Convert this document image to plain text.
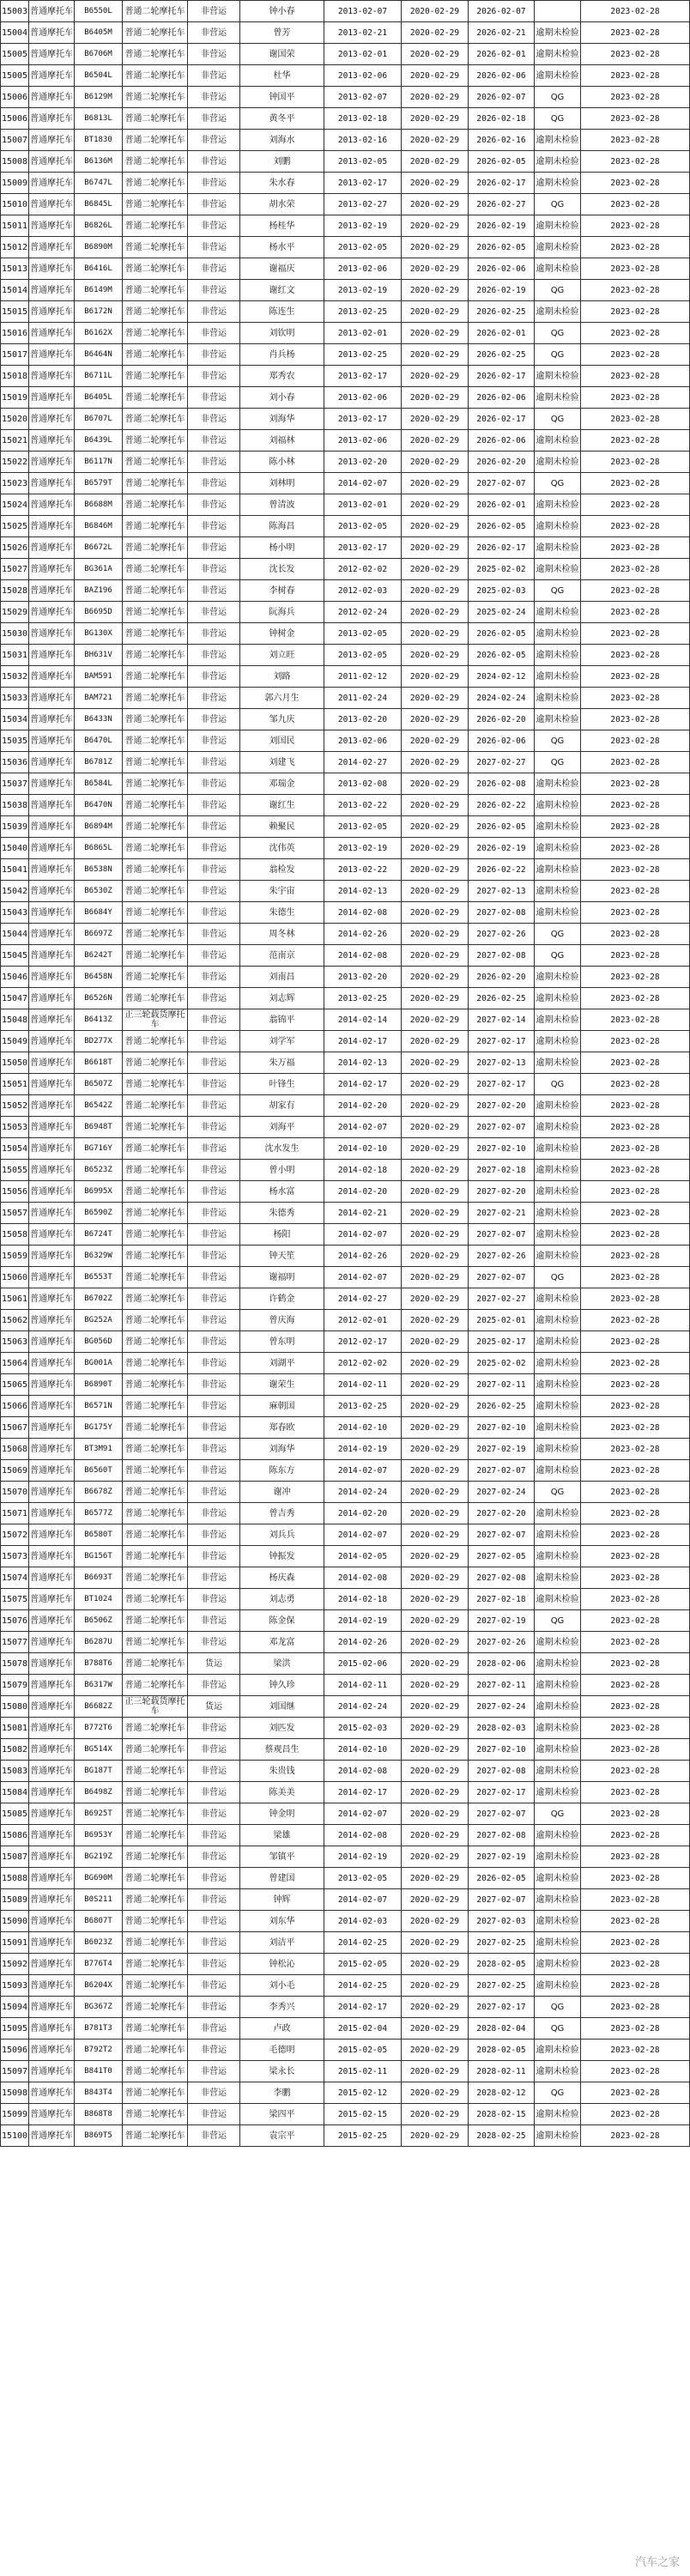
15003	普通摩托车	B6550L	普通二轮摩托车	非营运	钟小春	2013-02-07	2020-02-29	2026-02-07		2023-02-28
15004	普通摩托车	B6405M	普通二轮摩托车	非营运	曾芳	2013-02-21	2020-02-29	2026-02-21	逾期未检验	2023-02-28
15005	普通摩托车	B6706M	普通二轮摩托车	非营运	谢国荣	2013-02-01	2020-02-29	2026-02-01	逾期未检验	2023-02-28
15005	普通摩托车	B6504L	普通二轮摩托车	非营运	杜华	2013-02-06	2020-02-29	2026-02-06	逾期未检验	2023-02-28
15006	普通摩托车	B6129M	普通二轮摩托车	非营运	钟国平	2013-02-07	2020-02-29	2026-02-07	QG	2023-02-28
15006	普通摩托车	B6813L	普通二轮摩托车	非营运	黄冬平	2013-02-18	2020-02-29	2026-02-18	QG	2023-02-28
15007	普通摩托车	BT1830	普通二轮摩托车	非营运	刘海水	2013-02-16	2020-02-29	2026-02-16	逾期未检验	2023-02-28
15008	普通摩托车	B6136M	普通二轮摩托车	非营运	刘鹏	2013-02-05	2020-02-29	2026-02-05	逾期未检验	2023-02-28
15009	普通摩托车	B6747L	普通二轮摩托车	非营运	朱水春	2013-02-17	2020-02-29	2026-02-17	逾期未检验	2023-02-28
15010	普通摩托车	B6845L	普通二轮摩托车	非营运	胡水荣	2013-02-27	2020-02-29	2026-02-27	QG	2023-02-28
15011	普通摩托车	B6826L	普通二轮摩托车	非营运	杨桂华	2013-02-19	2020-02-29	2026-02-19	逾期未检验	2023-02-28
15012	普通摩托车	B6890M	普通二轮摩托车	非营运	杨水平	2013-02-05	2020-02-29	2026-02-05	逾期未检验	2023-02-28
15013	普通摩托车	B6416L	普通二轮摩托车	非营运	谢福庆	2013-02-06	2020-02-29	2026-02-06	逾期未检验	2023-02-28
15014	普通摩托车	B6149M	普通二轮摩托车	非营运	谢红文	2013-02-19	2020-02-29	2026-02-19	QG	2023-02-28
15015	普通摩托车	B6172N	普通二轮摩托车	非营运	陈连生	2013-02-25	2020-02-29	2026-02-25	逾期未检验	2023-02-28
15016	普通摩托车	B6162X	普通二轮摩托车	非营运	刘钦明	2013-02-01	2020-02-29	2026-02-01	QG	2023-02-28
15017	普通摩托车	B6464N	普通二轮摩托车	非营运	肖兵杨	2013-02-25	2020-02-29	2026-02-25	QG	2023-02-28
15018	普通摩托车	B6711L	普通二轮摩托车	非营运	郑秀农	2013-02-17	2020-02-29	2026-02-17	逾期未检验	2023-02-28
15019	普通摩托车	B6405L	普通二轮摩托车	非营运	刘小春	2013-02-06	2020-02-29	2026-02-06	逾期未检验	2023-02-28
15020	普通摩托车	B6707L	普通二轮摩托车	非营运	刘海华	2013-02-17	2020-02-29	2026-02-17	QG	2023-02-28
15021	普通摩托车	B6439L	普通二轮摩托车	非营运	刘福林	2013-02-06	2020-02-29	2026-02-06	逾期未检验	2023-02-28
15022	普通摩托车	B6117N	普通二轮摩托车	非营运	陈小林	2013-02-20	2020-02-29	2026-02-20	逾期未检验	2023-02-28
15023	普通摩托车	B6579T	普通二轮摩托车	非营运	刘林明	2014-02-07	2020-02-29	2027-02-07	QG	2023-02-28
15024	普通摩托车	B6688M	普通二轮摩托车	非营运	曾清波	2013-02-01	2020-02-29	2026-02-01	逾期未检验	2023-02-28
15025	普通摩托车	B6846M	普通二轮摩托车	非营运	陈海昌	2013-02-05	2020-02-29	2026-02-05	逾期未检验	2023-02-28
15026	普通摩托车	B6672L	普通二轮摩托车	非营运	杨小明	2013-02-17	2020-02-29	2026-02-17	逾期未检验	2023-02-28
15027	普通摩托车	BG361A	普通二轮摩托车	非营运	沈长发	2012-02-02	2020-02-29	2025-02-02	逾期未检验	2023-02-28
15028	普通摩托车	BAZ196	普通二轮摩托车	非营运	李树春	2012-02-03	2020-02-29	2025-02-03	QG	2023-02-28
15029	普通摩托车	B6695D	普通二轮摩托车	非营运	阮海兵	2012-02-24	2020-02-29	2025-02-24	逾期未检验	2023-02-28
15030	普通摩托车	BG130X	普通二轮摩托车	非营运	钟树金	2013-02-05	2020-02-29	2026-02-05	逾期未检验	2023-02-28
15031	普通摩托车	BH631V	普通二轮摩托车	非营运	刘立旺	2013-02-05	2020-02-29	2026-02-05	逾期未检验	2023-02-28
15032	普通摩托车	BAM591	普通二轮摩托车	非营运	刘路	2011-02-12	2020-02-29	2024-02-12	逾期未检验	2023-02-28
15033	普通摩托车	BAM721	普通二轮摩托车	非营运	郭六月生	2011-02-24	2020-02-29	2024-02-24	逾期未检验	2023-02-28
15034	普通摩托车	B6433N	普通二轮摩托车	非营运	邹九庆	2013-02-20	2020-02-29	2026-02-20	逾期未检验	2023-02-28
15035	普通摩托车	B6470L	普通二轮摩托车	非营运	刘国民	2013-02-06	2020-02-29	2026-02-06	QG	2023-02-28
15036	普通摩托车	B6781Z	普通二轮摩托车	非营运	刘建飞	2014-02-27	2020-02-29	2027-02-27	QG	2023-02-28
15037	普通摩托车	B6584L	普通二轮摩托车	非营运	邓瑞金	2013-02-08	2020-02-29	2026-02-08	逾期未检验	2023-02-28
15038	普通摩托车	B6470N	普通二轮摩托车	非营运	谢红生	2013-02-22	2020-02-29	2026-02-22	逾期未检验	2023-02-28
15039	普通摩托车	B6894M	普通二轮摩托车	非营运	赖聚民	2013-02-05	2020-02-29	2026-02-05	逾期未检验	2023-02-28
15040	普通摩托车	B6865L	普通二轮摩托车	非营运	沈伟英	2013-02-19	2020-02-29	2026-02-19	逾期未检验	2023-02-28
15041	普通摩托车	B6538N	普通二轮摩托车	非营运	翁检发	2013-02-22	2020-02-29	2026-02-22	逾期未检验	2023-02-28
15042	普通摩托车	B6530Z	普通二轮摩托车	非营运	朱宇宙	2014-02-13	2020-02-29	2027-02-13	逾期未检验	2023-02-28
15043	普通摩托车	B6684Y	普通二轮摩托车	非营运	朱德生	2014-02-08	2020-02-29	2027-02-08	逾期未检验	2023-02-28
15044	普通摩托车	B6697Z	普通二轮摩托车	非营运	周冬林	2014-02-26	2020-02-29	2027-02-26	QG	2023-02-28
15045	普通摩托车	B6242T	普通二轮摩托车	非营运	范南京	2014-02-08	2020-02-29	2027-02-08	QG	2023-02-28
15046	普通摩托车	B6458N	普通二轮摩托车	非营运	刘南昌	2013-02-20	2020-02-29	2026-02-20	逾期未检验	2023-02-28
15047	普通摩托车	B6526N	普通二轮摩托车	非营运	刘志辉	2013-02-25	2020-02-29	2026-02-25	逾期未检验	2023-02-28
15048	普通摩托车	B6413Z	正三轮载货摩托车	非营运	翁锦平	2014-02-14	2020-02-29	2027-02-14	逾期未检验	2023-02-28
15049	普通摩托车	BD277X	普通二轮摩托车	非营运	刘学军	2014-02-17	2020-02-29	2027-02-17	逾期未检验	2023-02-28
15050	普通摩托车	B6618T	普通二轮摩托车	非营运	朱万福	2014-02-13	2020-02-29	2027-02-13	逾期未检验	2023-02-28
15051	普通摩托车	B6507Z	普通二轮摩托车	非营运	叶锋生	2014-02-17	2020-02-29	2027-02-17	QG	2023-02-28
15052	普通摩托车	B6542Z	普通二轮摩托车	非营运	胡家有	2014-02-20	2020-02-29	2027-02-20	逾期未检验	2023-02-28
15053	普通摩托车	B6948T	普通二轮摩托车	非营运	刘海平	2014-02-07	2020-02-29	2027-02-07	逾期未检验	2023-02-28
15054	普通摩托车	BG716Y	普通二轮摩托车	非营运	沈水发生	2014-02-10	2020-02-29	2027-02-10	逾期未检验	2023-02-28
15055	普通摩托车	B6523Z	普通二轮摩托车	非营运	曾小明	2014-02-18	2020-02-29	2027-02-18	逾期未检验	2023-02-28
15056	普通摩托车	B6995X	普通二轮摩托车	非营运	杨水富	2014-02-20	2020-02-29	2027-02-20	逾期未检验	2023-02-28
15057	普通摩托车	B6590Z	普通二轮摩托车	非营运	朱德秀	2014-02-21	2020-02-29	2027-02-21	逾期未检验	2023-02-28
15058	普通摩托车	B6724T	普通二轮摩托车	非营运	杨阳	2014-02-07	2020-02-29	2027-02-07	逾期未检验	2023-02-28
15059	普通摩托车	B6329W	普通二轮摩托车	非营运	钟天笙	2014-02-26	2020-02-29	2027-02-26	逾期未检验	2023-02-28
15060	普通摩托车	B6553T	普通二轮摩托车	非营运	谢福明	2014-02-07	2020-02-29	2027-02-07	QG	2023-02-28
15061	普通摩托车	B6702Z	普通二轮摩托车	非营运	许鹤金	2014-02-27	2020-02-29	2027-02-27	逾期未检验	2023-02-28
15062	普通摩托车	BG252A	普通二轮摩托车	非营运	曾庆海	2012-02-01	2020-02-29	2025-02-01	逾期未检验	2023-02-28
15063	普通摩托车	BG056D	普通二轮摩托车	非营运	曾东明	2012-02-17	2020-02-29	2025-02-17	逾期未检验	2023-02-28
15064	普通摩托车	BG001A	普通二轮摩托车	非营运	刘湖平	2012-02-02	2020-02-29	2025-02-02	逾期未检验	2023-02-28
15065	普通摩托车	B6890T	普通二轮摩托车	非营运	谢荣生	2014-02-11	2020-02-29	2027-02-11	逾期未检验	2023-02-28
15066	普通摩托车	B6571N	普通二轮摩托车	非营运	麻朝国	2013-02-25	2020-02-29	2026-02-25	逾期未检验	2023-02-28
15067	普通摩托车	BG175Y	普通二轮摩托车	非营运	郑春欧	2014-02-10	2020-02-29	2027-02-10	逾期未检验	2023-02-28
15068	普通摩托车	BT3M91	普通二轮摩托车	非营运	刘海华	2014-02-19	2020-02-29	2027-02-19	逾期未检验	2023-02-28
15069	普通摩托车	B6560T	普通二轮摩托车	非营运	陈东方	2014-02-07	2020-02-29	2027-02-07	逾期未检验	2023-02-28
15070	普通摩托车	B6678Z	普通二轮摩托车	非营运	谢冲	2014-02-24	2020-02-29	2027-02-24	QG	2023-02-28
15071	普通摩托车	B6577Z	普通二轮摩托车	非营运	曾吉秀	2014-02-20	2020-02-29	2027-02-20	逾期未检验	2023-02-28
15072	普通摩托车	B6580T	普通二轮摩托车	非营运	刘兵兵	2014-02-07	2020-02-29	2027-02-07	逾期未检验	2023-02-28
15073	普通摩托车	BG156T	普通二轮摩托车	非营运	钟振发	2014-02-05	2020-02-29	2027-02-05	逾期未检验	2023-02-28
15074	普通摩托车	B6693T	普通二轮摩托车	非营运	杨庆森	2014-02-08	2020-02-29	2027-02-08	逾期未检验	2023-02-28
15075	普通摩托车	BT1024	普通二轮摩托车	非营运	刘志勇	2014-02-18	2020-02-29	2027-02-18	逾期未检验	2023-02-28
15076	普通摩托车	B6506Z	普通二轮摩托车	非营运	陈金保	2014-02-19	2020-02-29	2027-02-19	QG	2023-02-28
15077	普通摩托车	B6287U	普通二轮摩托车	非营运	邓龙富	2014-02-26	2020-02-29	2027-02-26	逾期未检验	2023-02-28
15078	普通摩托车	B788T6	普通二轮摩托车	货运	梁洪	2015-02-06	2020-02-29	2028-02-06	逾期未检验	2023-02-28
15079	普通摩托车	B6317W	普通二轮摩托车	非营运	钟久珍	2014-02-11	2020-02-29	2027-02-11	逾期未检验	2023-02-28
15080	普通摩托车	B6682Z	正三轮载货摩托车	货运	刘国继	2014-02-24	2020-02-29	2027-02-24	逾期未检验	2023-02-28
15081	普通摩托车	B772T6	普通二轮摩托车	非营运	刘匹发	2015-02-03	2020-02-29	2028-02-03	逾期未检验	2023-02-28
15082	普通摩托车	BG514X	普通二轮摩托车	非营运	蔡观昌生	2014-02-10	2020-02-29	2027-02-10	逾期未检验	2023-02-28
15083	普通摩托车	BG187T	普通二轮摩托车	非营运	朱贵钱	2014-02-08	2020-02-29	2027-02-08	逾期未检验	2023-02-28
15084	普通摩托车	B6498Z	普通二轮摩托车	非营运	陈美美	2014-02-17	2020-02-29	2027-02-17	逾期未检验	2023-02-28
15085	普通摩托车	B6925T	普通二轮摩托车	非营运	钟金明	2014-02-07	2020-02-29	2027-02-07	QG	2023-02-28
15086	普通摩托车	B6953Y	普通二轮摩托车	非营运	梁雄	2014-02-08	2020-02-29	2027-02-08	逾期未检验	2023-02-28
15087	普通摩托车	BG219Z	普通二轮摩托车	非营运	邹镇平	2014-02-19	2020-02-29	2027-02-19	逾期未检验	2023-02-28
15088	普通摩托车	BG690M	普通二轮摩托车	非营运	曾建国	2013-02-05	2020-02-29	2026-02-05	逾期未检验	2023-02-28
15089	普通摩托车	B0S211	普通二轮摩托车	非营运	钟辉	2014-02-07	2020-02-29	2027-02-07	逾期未检验	2023-02-28
15090	普通摩托车	B6807T	普通二轮摩托车	非营运	刘东华	2014-02-03	2020-02-29	2027-02-03	逾期未检验	2023-02-28
15091	普通摩托车	B6023Z	普通二轮摩托车	非营运	刘洁平	2014-02-25	2020-02-29	2027-02-25	逾期未检验	2023-02-28
15092	普通摩托车	B776T4	普通二轮摩托车	非营运	钟松沁	2015-02-05	2020-02-29	2028-02-05	逾期未检验	2023-02-28
15093	普通摩托车	B6204X	普通二轮摩托车	非营运	刘小毛	2014-02-25	2020-02-29	2027-02-25	逾期未检验	2023-02-28
15094	普通摩托车	BG367Z	普通二轮摩托车	非营运	李秀兴	2014-02-17	2020-02-29	2027-02-17	QG	2023-02-28
15095	普通摩托车	B781T3	普通二轮摩托车	非营运	卢政	2015-02-04	2020-02-29	2028-02-04	QG	2023-02-28
15096	普通摩托车	B792T2	普通二轮摩托车	非营运	毛德明	2015-02-05	2020-02-29	2028-02-05	逾期未检验	2023-02-28
15097	普通摩托车	B841T0	普通二轮摩托车	非营运	梁永长	2015-02-11	2020-02-29	2028-02-11	逾期未检验	2023-02-28
15098	普通摩托车	B843T4	普通二轮摩托车	非营运	李鹏	2015-02-12	2020-02-29	2028-02-12	QG	2023-02-28
15099	普通摩托车	B868T8	普通二轮摩托车	非营运	梁四平	2015-02-15	2020-02-29	2028-02-15	逾期未检验	2023-02-28
15100	普通摩托车	B869T5	普通二轮摩托车	非营运	袁宗平	2015-02-25	2020-02-29	2028-02-25	逾期未检验	2023-02-28
汽车之家
